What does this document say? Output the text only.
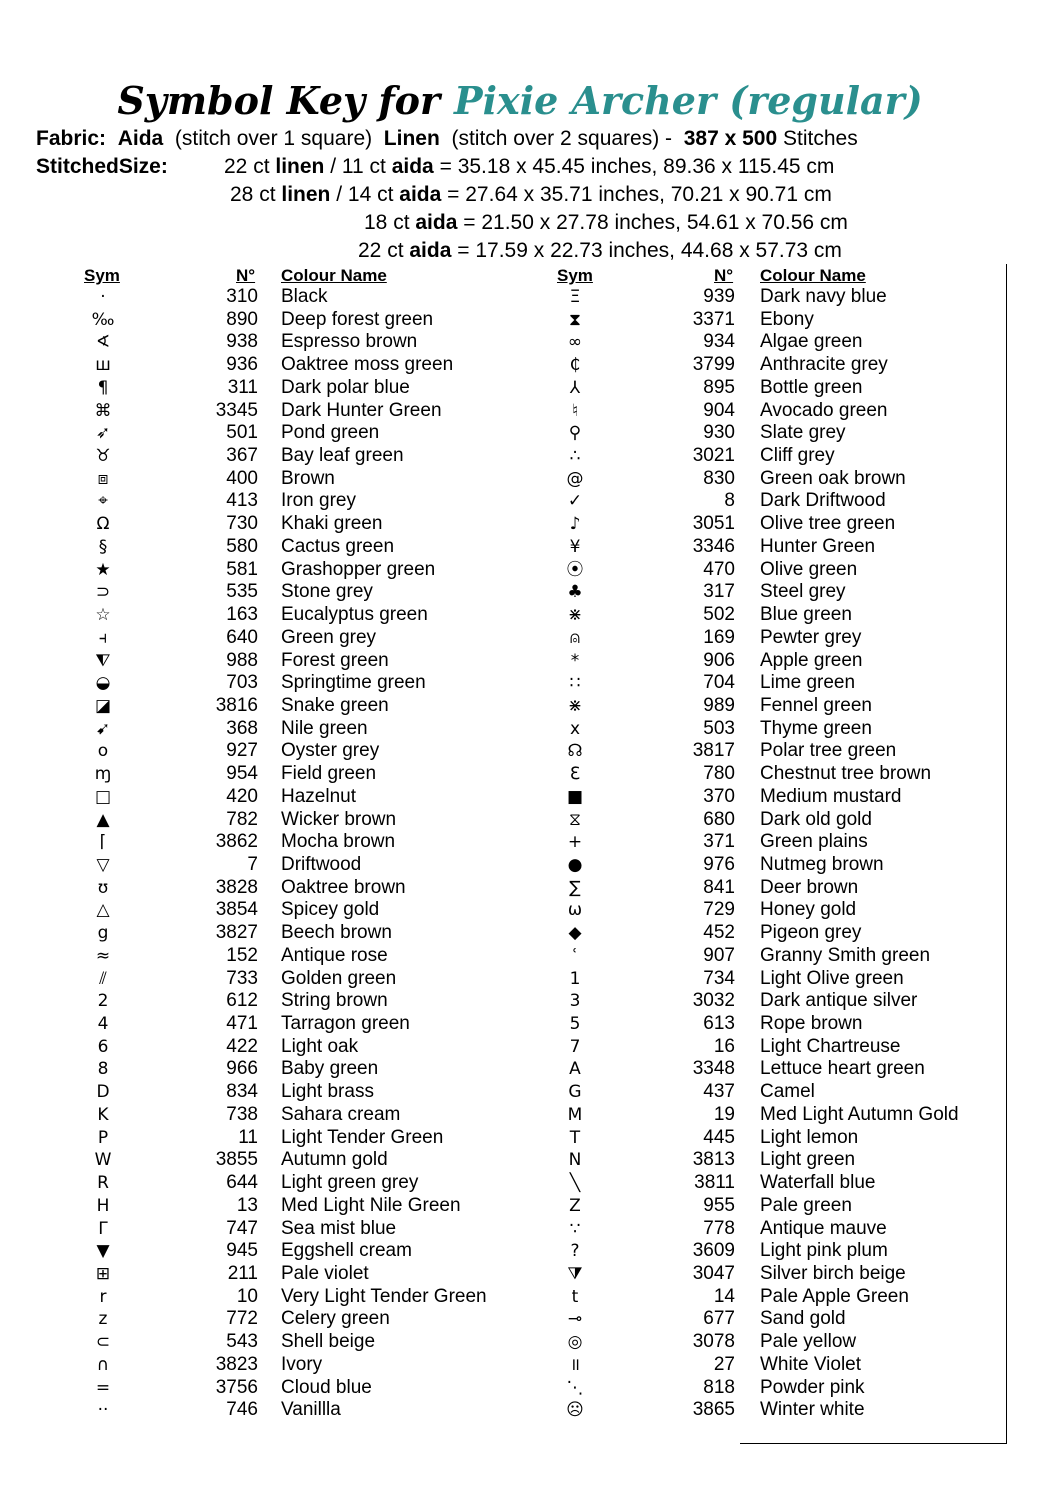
Symbol Key for Pixie Archer (regular)
Fabric: Aida (stitch over 1 square) Linen (stitch over 2 squares) - 387 x 500 Stitches
StitchedSize:	22 ct linen / 11 ct aida = 35.18 x 45.45 inches, 89.36 x 115.45 cm
28 ct linen / 14 ct aida = 27.64 x 35.71 inches, 70.21 x 90.71 cm
18 ct aida = 21.50 x 27.78 inches, 54.61 x 70.56 cm
22 ct aida = 17.59 x 22.73 inches, 44.68 x 57.73 cm
Sym	N° Colour Name	Sym	N° Colour Name
·	310 Black
‰	890 Deep forest green
∢	938 Espresso brown
ш	936 Oaktree moss green
¶	311 Dark polar blue
⌘	3345 Dark Hunter Green
➶	501 Pond green
♉	367 Bay leaf green
⧈	400 Brown
⌖	413 Iron grey
Ω	730 Khaki green
§	580 Cactus green
★	581 Grashopper green
⊃	535 Stone grey
☆	163 Eucalyptus green
⫞	640 Green grey
⧨	988 Forest green
◒	703 Springtime green
◪	3816 Snake green
➹	368 Nile green
o	927 Oyster grey
ɱ	954 Field green
□	420 Hazelnut
▲	782 Wicker brown
⌈	3862 Mocha brown
▽	7 Driftwood
ʊ	3828 Oaktree brown
△	3854 Spicey gold
g	3827 Beech brown
≈	152 Antique rose
⫽	733 Golden green
2	612 String brown
4	471 Tarragon green
6	422 Light oak
8	966 Baby green
D	834 Light brass
K	738 Sahara cream
P	11 Light Tender Green
W	3855 Autumn gold
R	644 Light green grey
H	13 Med Light Nile Green
Γ	747 Sea mist blue
▼	945 Eggshell cream
⊞	211 Pale violet
r	10 Very Light Tender Green
z	772 Celery green
⊂	543 Shell beige
∩	3823 Ivory
=	3756 Cloud blue
··	746 Vanillla
Ξ	939 Dark navy blue
⧗	3371 Ebony
∞	934 Algae green
₵	3799 Anthracite grey
⅄	895 Bottle green
♮	904 Avocado green
⚲	930 Slate grey
∴	3021 Cliff grey
@	830 Green oak brown
✓	8 Dark Driftwood
♪	3051 Olive tree green
¥	3346 Hunter Green
⦿	470 Olive green
♣	317 Steel grey
⋇	502 Blue green
⍝	169 Pewter grey
*	906 Apple green
∷	704 Lime green
⋇	989 Fennel green
x	503 Thyme green
☊	3817 Polar tree green
ℇ	780 Chestnut tree brown
■	370 Medium mustard
⧖	680 Dark old gold
+	371 Green plains
●	976 Nutmeg brown
∑	841 Deer brown
ω	729 Honey gold
◆	452 Pigeon grey
ʿ	907 Granny Smith green
1	734 Light Olive green
3	3032 Dark antique silver
5	613 Rope brown
7	16 Light Chartreuse
A	3348 Lettuce heart green
G	437 Camel
M	19 Med Light Autumn Gold
T	445 Light lemon
N	3813 Light green
╲	3811 Waterfall blue
Z	955 Pale green
∵	778 Antique mauve
?	3609 Light pink plum
⧩	3047 Silver birch beige
t	14 Pale Apple Green
⊸	677 Sand gold
◎	3078 Pale yellow
॥	27 White Violet
⋱	818 Powder pink
☹	3865 Winter white
